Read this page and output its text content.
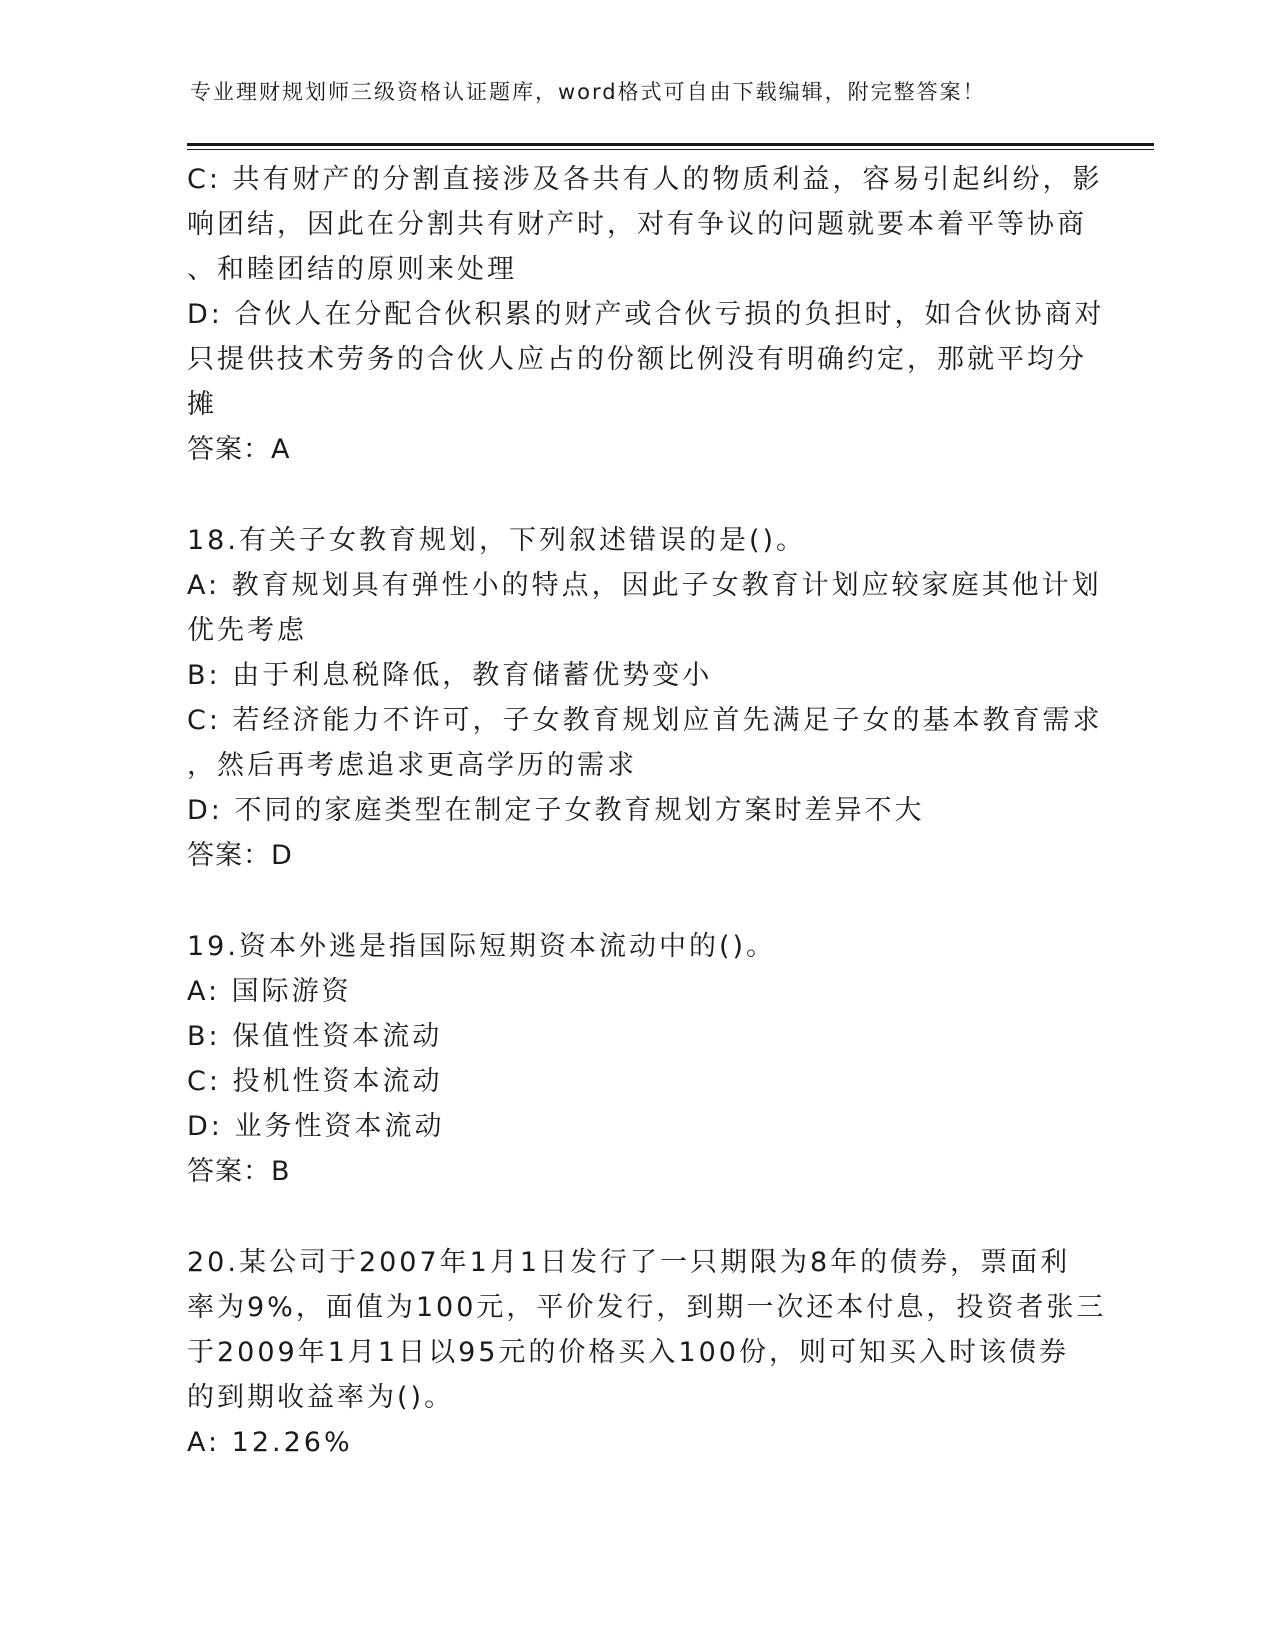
专业理财规划师三级资格认证题库，word格式可自由下载编辑，附完整答案！
C: 共有财产的分割直接涉及各共有人的物质利益，容易引起纠纷，影
响团结，因此在分割共有财产时，对有争议的问题就要本着平等协商
、和睦团结的原则来处理
D: 合伙人在分配合伙积累的财产或合伙亏损的负担时，如合伙协商对
只提供技术劳务的合伙人应占的份额比例没有明确约定，那就平均分
摊
答案：A
18.有关子女教育规划，下列叙述错误的是()。
A: 教育规划具有弹性小的特点，因此子女教育计划应较家庭其他计划
优先考虑
B: 由于利息税降低，教育储蓄优势变小
C: 若经济能力不许可，子女教育规划应首先满足子女的基本教育需求
，然后再考虑追求更高学历的需求
D: 不同的家庭类型在制定子女教育规划方案时差异不大
答案：D
19.资本外逃是指国际短期资本流动中的()。
A: 国际游资
B: 保值性资本流动
C: 投机性资本流动
D: 业务性资本流动
答案：B
20.某公司于2007年1月1日发行了一只期限为8年的债券，票面利
率为9%，面值为100元，平价发行，到期一次还本付息，投资者张三
于2009年1月1日以95元的价格买入100份，则可知买入时该债券
的到期收益率为()。
A: 12.26%
